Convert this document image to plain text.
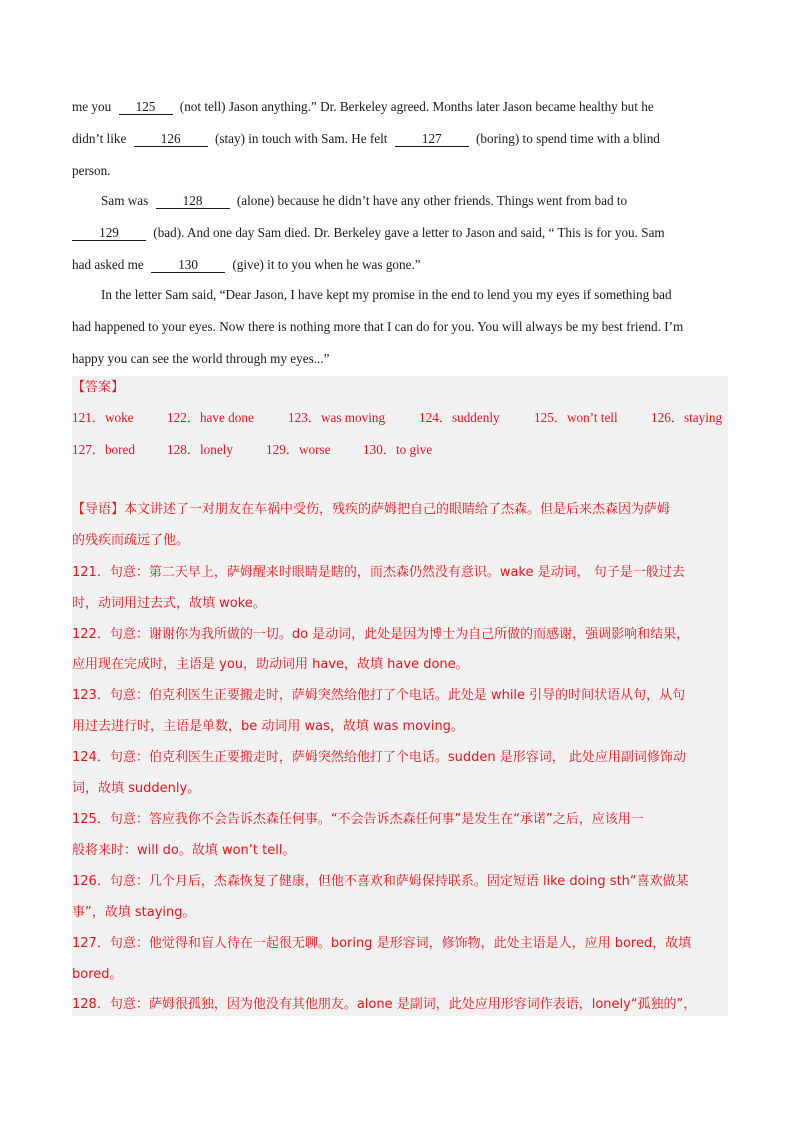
me you 125 (not tell) Jason anything.” Dr. Berkeley agreed. Months later Jason became healthy but he
didn’t like	126	(stay) in touch with Sam. He felt	127	(boring) to spend time with a blind
person.
Sam was	128	(alone) because he didn’t have any other friends. Things went from bad to
129	(bad). And one day Sam died. Dr. Berkeley gave a letter to Jason and said, “ This is for you. Sam
had asked me	130	(give) it to you when he was gone.”
In the letter Sam said, “Dear Jason, I have kept my promise in the end to lend you my eyes if something bad
had happened to your eyes. Now there is nothing more that I can do for you. You will always be my best friend. I’m
happy you can see the world through my eyes...”
【答案】
121．woke	122．have done	123．was moving	124．suddenly	125．won’t tell	126．staying
127．bored 128．lonely	129．worse 130．to give
【导语】本文讲述了一对朋友在车祸中受伤，残疾的萨姆把自己的眼睛给了杰森。但是后来杰森因为萨姆
的残疾而疏远了他。
121．句意：第二天早上，萨姆醒来时眼睛是瞎的，而杰森仍然没有意识。wake 是动词， 句子是一般过去
时，动词用过去式，故填 woke。
122．句意：谢谢你为我所做的一切。do 是动词，此处是因为博士为自己所做的而感谢，强调影响和结果，
应用现在完成时，主语是 you，助动词用 have，故填 have done。
123．句意：伯克利医生正要搬走时，萨姆突然给他打了个电话。此处是 while 引导的时间状语从句，从句
用过去进行时，主语是单数，be 动词用 was，故填 was moving。
124．句意：伯克利医生正要搬走时，萨姆突然给他打了个电话。sudden 是形容词， 此处应用副词修饰动
词，故填 suddenly。
125．句意：答应我你不会告诉杰森任何事。“不会告诉杰森任何事”是发生在“承诺”之后，应该用一
般将来时：will do。故填 won’t tell。
126．句意：几个月后，杰森恢复了健康，但他不喜欢和萨姆保持联系。固定短语 like doing sth“喜欢做某
事”，故填 staying。
127．句意：他觉得和盲人待在一起很无聊。boring 是形容词，修饰物，此处主语是人，应用 bored，故填
bored。
128．句意：萨姆很孤独，因为他没有其他朋友。alone 是副词，此处应用形容词作表语，lonely“孤独的”，
